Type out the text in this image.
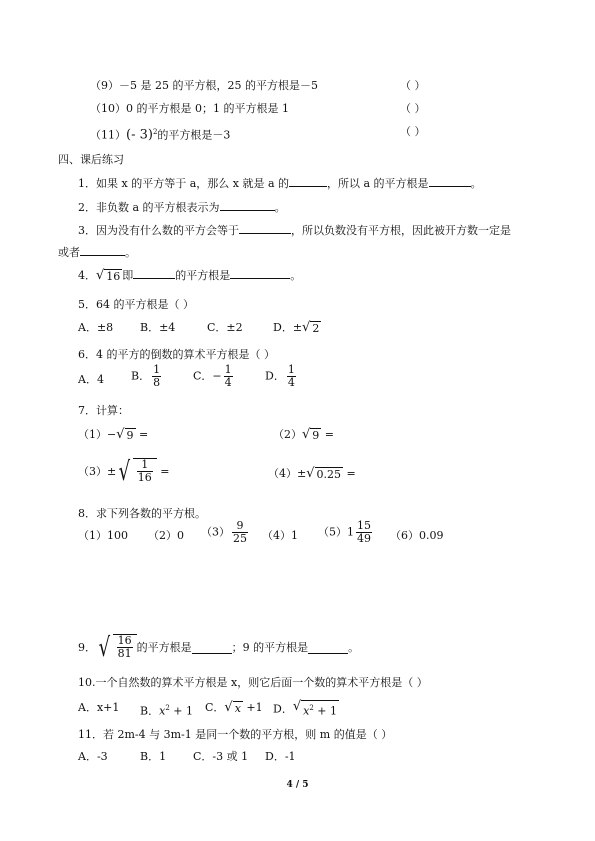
（9）－5 是 25 的平方根，25 的平方根是－5	（ ）
（10）0 的平方根是 0；1 的平方根是 1	（ ）
（11）(- 3)$^2$的平方根是－3	（ ）
四、课后练习
1．如果 x 的平方等于 a，那么 x 就是 a 的	，所以 a 的平方根是	。
2．非负数 a 的平方根表示为	。
3．因为没有什么数的平方会等于	，所以负数没有平方根，因此被开方数一定是
或者	。
4． √ 16 即	的平方根是	。
5．64 的平方根是（ ）
A．±8 B．±4	C．±2	D．± √ 2
6．4 的平方的倒数的算术平方根是（ ）
A．4 B． $\frac{1}{8}$	C．− $\frac{1}{4}$	D． $\frac{1}{4}$
7．计算：
（1）− √ 9 =	（2） √ 9 =
（3）± √ $\frac{1}{16}$ =	（4）± √ 0.25 =
8．求下列各数的平方根。
（1）100 （2）0 $(3) \frac{9}{25} (4)1$ $(5)1 \frac{15}{49} (6)0.09$
9． √ $\frac{16}{81}$ 的平方根是	；9 的平方根是	。
10.一个自然数的算术平方根是 x，则它后面一个数的算术平方根是（ ）
A．x+1 B．$x^2 + 1$ C． √ x +1 D． √ $x^2 + 1$
11．若 2m-4 与 3m-1 是同一个数的平方根，则 m 的值是（ ）
A．-3	B．1 C．-3 或 1 D．-1
4 / 5
